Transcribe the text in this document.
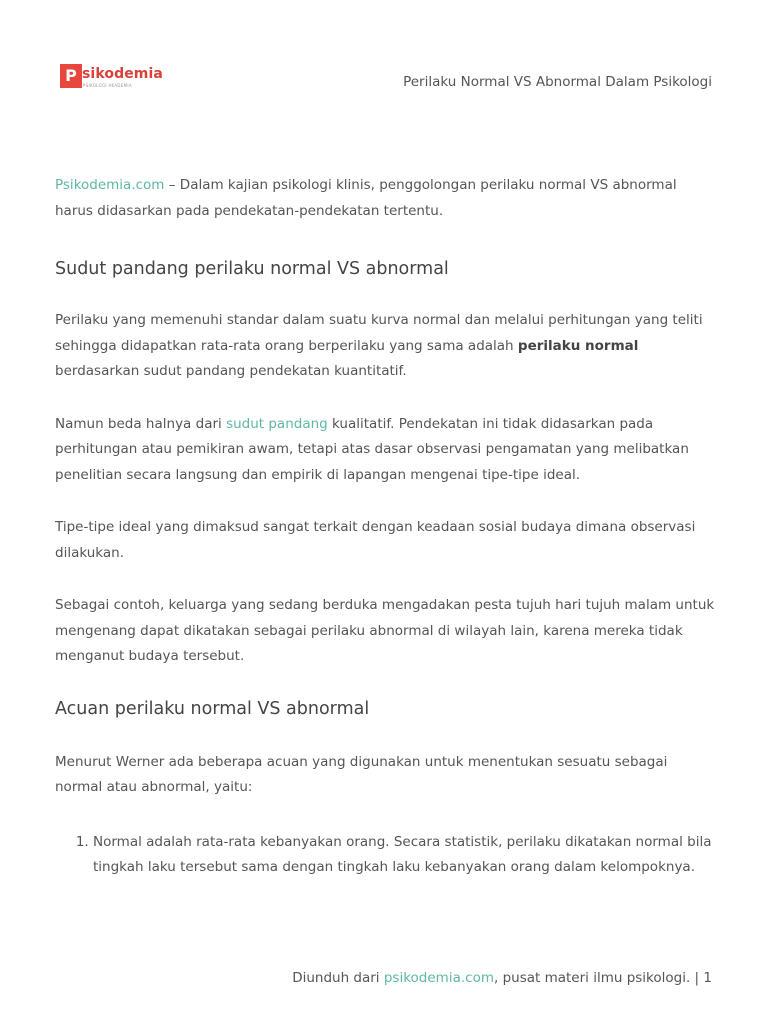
P sikodemia
PSIKOLOGI AKADEMIA	Perilaku Normal VS Abnormal Dalam Psikologi

Psikodemia.com – Dalam kajian psikologi klinis, penggolongan perilaku normal VS abnormal harus didasarkan pada pendekatan-pendekatan tertentu.

Sudut pandang perilaku normal VS abnormal

Perilaku yang memenuhi standar dalam suatu kurva normal dan melalui perhitungan yang teliti sehingga didapatkan rata-rata orang berperilaku yang sama adalah perilaku normal berdasarkan sudut pandang pendekatan kuantitatif.

Namun beda halnya dari sudut pandang kualitatif. Pendekatan ini tidak didasarkan pada perhitungan atau pemikiran awam, tetapi atas dasar observasi pengamatan yang melibatkan penelitian secara langsung dan empirik di lapangan mengenai tipe-tipe ideal.

Tipe-tipe ideal yang dimaksud sangat terkait dengan keadaan sosial budaya dimana observasi dilakukan.

Sebagai contoh, keluarga yang sedang berduka mengadakan pesta tujuh hari tujuh malam untuk mengenang dapat dikatakan sebagai perilaku abnormal di wilayah lain, karena mereka tidak menganut budaya tersebut.

Acuan perilaku normal VS abnormal

Menurut Werner ada beberapa acuan yang digunakan untuk menentukan sesuatu sebagai normal atau abnormal, yaitu:

1. Normal adalah rata-rata kebanyakan orang. Secara statistik, perilaku dikatakan normal bila tingkah laku tersebut sama dengan tingkah laku kebanyakan orang dalam kelompoknya.
Diunduh dari psikodemia.com, pusat materi ilmu psikologi. | 1
